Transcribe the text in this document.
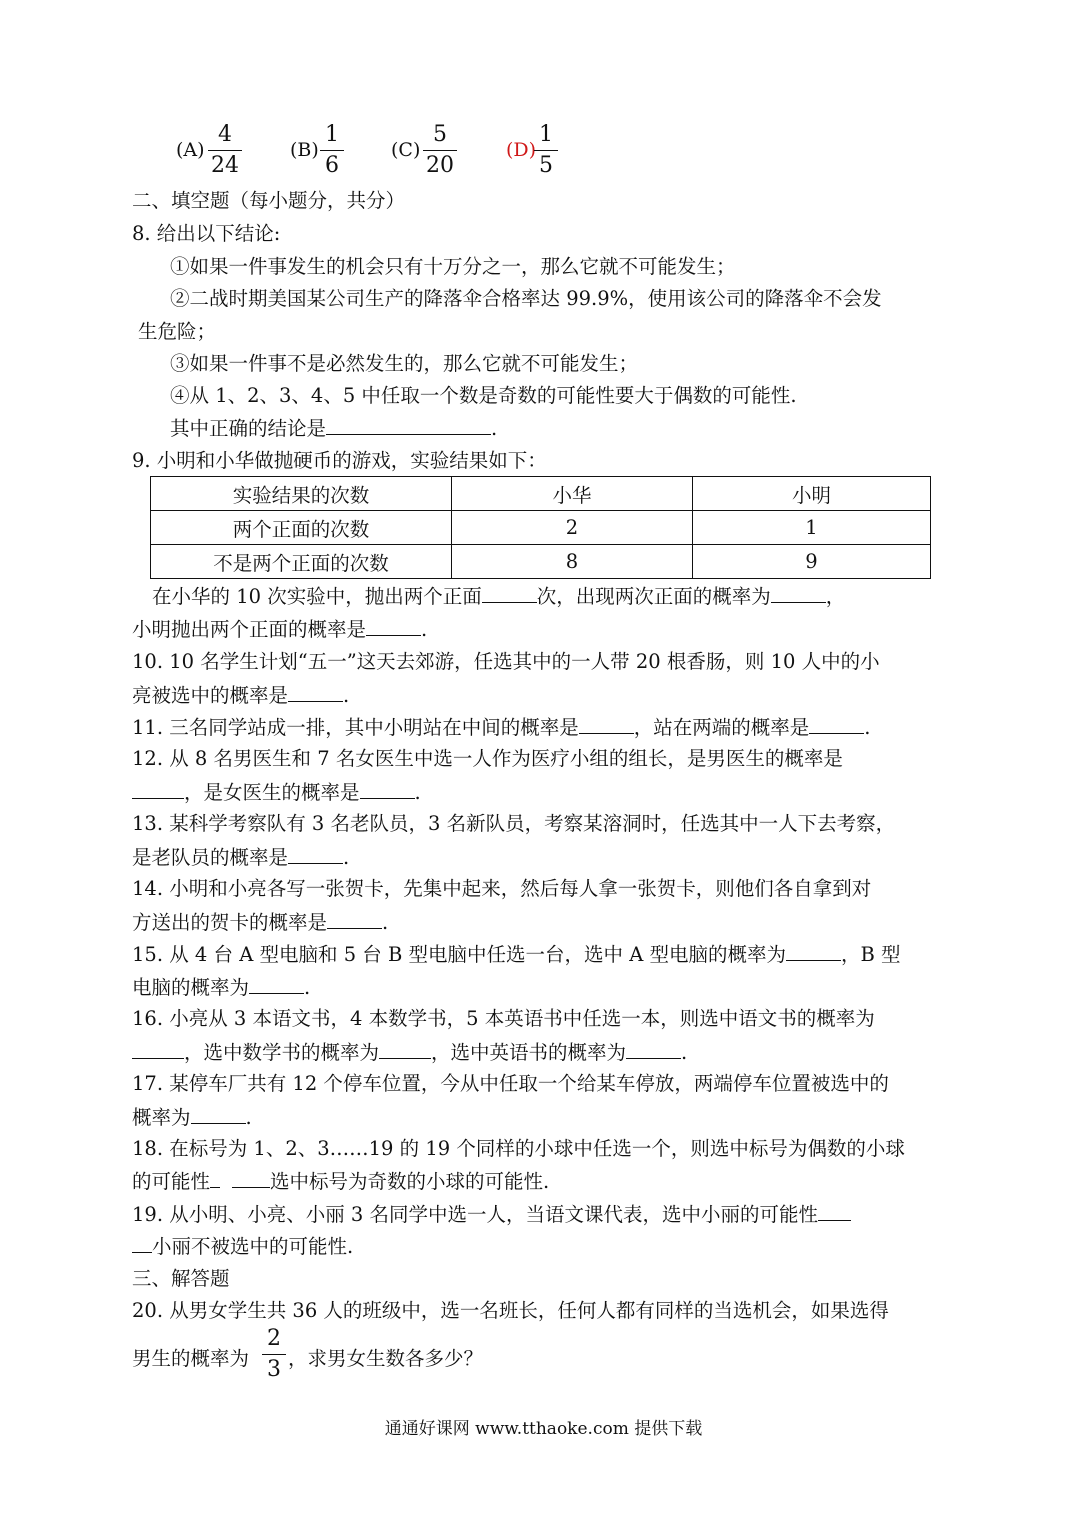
(A)
4
24
(B)
1
6
(C)
5
20
(D)
1
5
二、填空题（每小题分，共分）
8. 给出以下结论:
①如果一件事发生的机会只有十万分之一，那么它就不可能发生；
②二战时期美国某公司生产的降落伞合格率达 99.9%，使用该公司的降落伞不会发
生危险；
③如果一件事不是必然发生的，那么它就不可能发生；
④从 1、2、3、4、5 中任取一个数是奇数的可能性要大于偶数的可能性.
其中正确的结论是	.
9. 小明和小华做抛硬币的游戏，实验结果如下：
实验结果的次数	小华	小明
两个正面的次数	2	1
不是两个正面的次数	8	9
在小华的 10 次实验中，抛出两个正面	次，出现两次正面的概率为	，
小明抛出两个正面的概率是	.
10. 10 名学生计划“五一”这天去郊游，任选其中的一人带 20 根香肠，则 10 人中的小
亮被选中的概率是	.
11. 三名同学站成一排，其中小明站在中间的概率是	，站在两端的概率是	.
12. 从 8 名男医生和 7 名女医生中选一人作为医疗小组的组长，是男医生的概率是
，是女医生的概率是	.
13. 某科学考察队有 3 名老队员，3 名新队员，考察某溶洞时，任选其中一人下去考察，
是老队员的概率是	.
14. 小明和小亮各写一张贺卡，先集中起来，然后每人拿一张贺卡，则他们各自拿到对
方送出的贺卡的概率是	.
15. 从 4 台 A 型电脑和 5 台 B 型电脑中任选一台，选中 A 型电脑的概率为	，B 型
电脑的概率为	.
16. 小亮从 3 本语文书，4 本数学书，5 本英语书中任选一本，则选中语文书的概率为
，选中数学书的概率为	，选中英语书的概率为	.
17. 某停车厂共有 12 个停车位置，今从中任取一个给某车停放，两端停车位置被选中的
概率为	.
18. 在标号为 1、2、3……19 的 19 个同样的小球中任选一个，则选中标号为偶数的小球
的可能性	选中标号为奇数的小球的可能性.
19. 从小明、小亮、小丽 3 名同学中选一人，当语文课代表，选中小丽的可能性
小丽不被选中的可能性.
三、解答题
20. 从男女学生共 36 人的班级中，选一名班长，任何人都有同样的当选机会，如果选得
男生的概率为
2
3 ，求男女生数各多少？
通通好课网 www.tthaoke.com 提供下载
